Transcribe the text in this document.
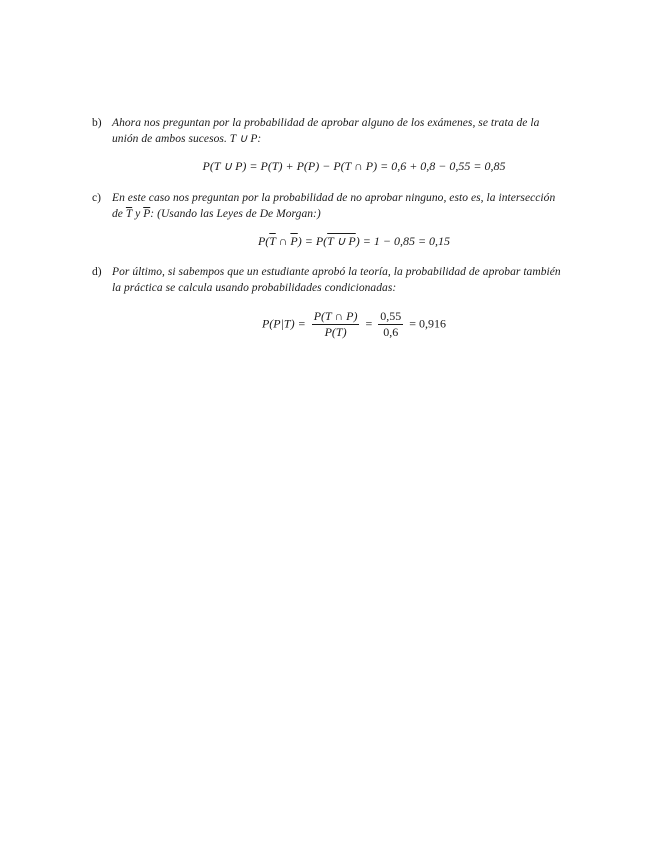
b) Ahora nos preguntan por la probabilidad de aprobar alguno de los exámenes, se trata de la
unión de ambos sucesos. T ∪ P:
P(T ∪ P) = P(T) + P(P) − P(T ∩ P) = 0,6 + 0,8 − 0,55 = 0,85
c) En este caso nos preguntan por la probabilidad de no aprobar ninguno, esto es, la intersección
de $\overline{T}$ y $\overline{P}$: (Usando las Leyes de De Morgan:)
$P(\overline{T}$ ∩ $\overline{P}) = P(T$ ∪ P) = 1 − 0,85 = 0,15
d) Por último, si sabempos que un estudiante aprobó la teoría, la probabilidad de aprobar también
la práctica se calcula usando probabilidades condicionadas:
$P(P|T) = \frac{P(T \cap P)}{P(T)} = \frac{0,55}{0,6} = 0,916$
